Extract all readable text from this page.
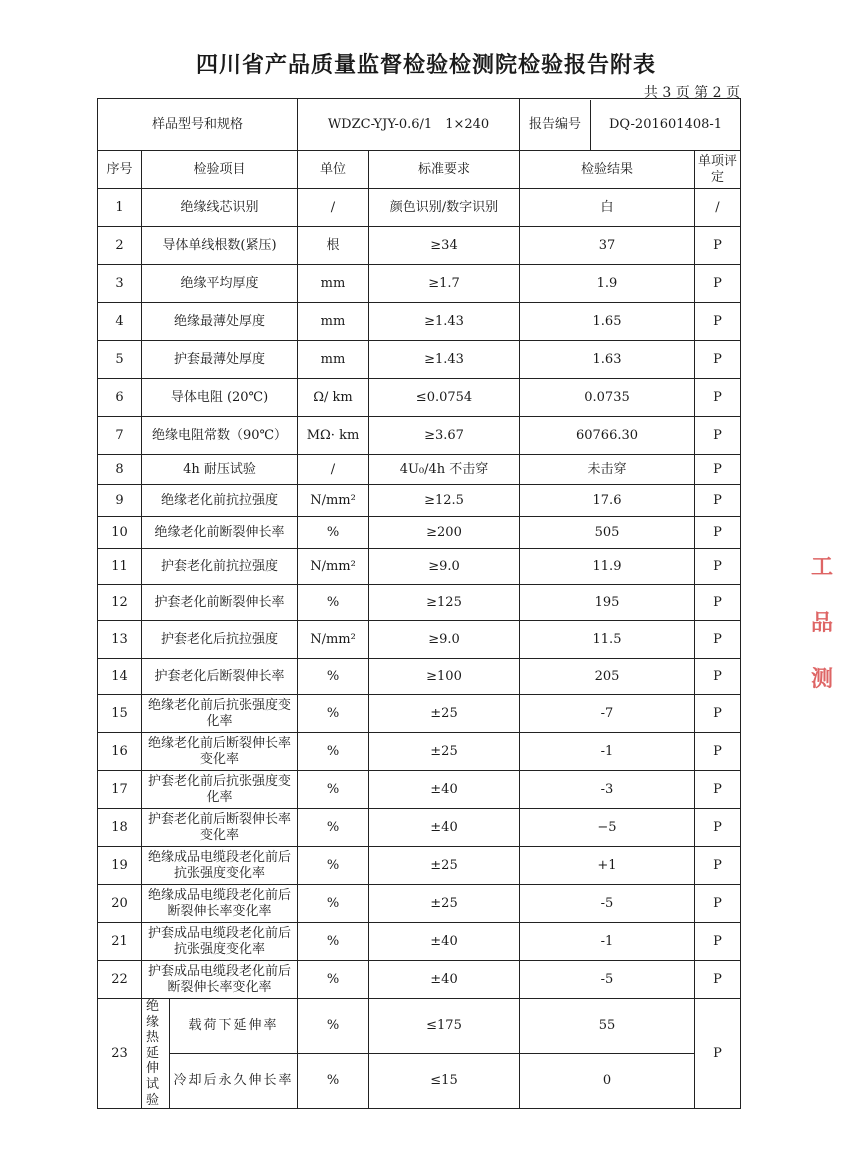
四川省产品质量监督检验检测院检验报告附表
共 3 页 第 2 页
样品型号和规格			WDZC-YJY-0.6/1　1×240		报告编号 DQ-201601408-1	

序号	检验项目		单位	标准要求	检验结果	单项评定
1	绝缘线芯识别		/	颜色识别/数字识别	白	/
2	导体单线根数(紧压)		根	≥34	37	P
3	绝缘平均厚度		mm	≥1.7	1.9	P
4	绝缘最薄处厚度		mm	≥1.43	1.65	P
5	护套最薄处厚度		mm	≥1.43	1.63	P
6	导体电阻 (20℃)		Ω/ km	≤0.0754	0.0735	P
7	绝缘电阻常数（90℃）		MΩ· km	≥3.67	60766.30	P
8	4h 耐压试验		/	4U₀/4h 不击穿	未击穿	P
9	绝缘老化前抗拉强度		N/mm²	≥12.5	17.6	P
10	绝缘老化前断裂伸长率		%	≥200	505	P
11	护套老化前抗拉强度		N/mm²	≥9.0	11.9	P
12	护套老化前断裂伸长率		%	≥125	195	P
13	护套老化后抗拉强度		N/mm²	≥9.0	11.5	P
14	护套老化后断裂伸长率		%	≥100	205	P
15	绝缘老化前后抗张强度变化率		%	±25	-7	P
16	绝缘老化前后断裂伸长率变化率		%	±25	-1	P
17	护套老化前后抗张强度变化率		%	±40	-3	P
18	护套老化前后断裂伸长率变化率		%	±40	−5	P
19	绝缘成品电缆段老化前后抗张强度变化率		%	±25	+1	P
20	绝缘成品电缆段老化前后断裂伸长率变化率		%	±25	-5	P
21	护套成品电缆段老化前后抗张强度变化率		%	±40	-1	P
22	护套成品电缆段老化前后断裂伸长率变化率		%	±40	-5	P
23	绝缘热延伸试验	载荷下延伸率	%	≤175	55	P
		冷却后永久伸长率	%	≤15	0	
工品测
